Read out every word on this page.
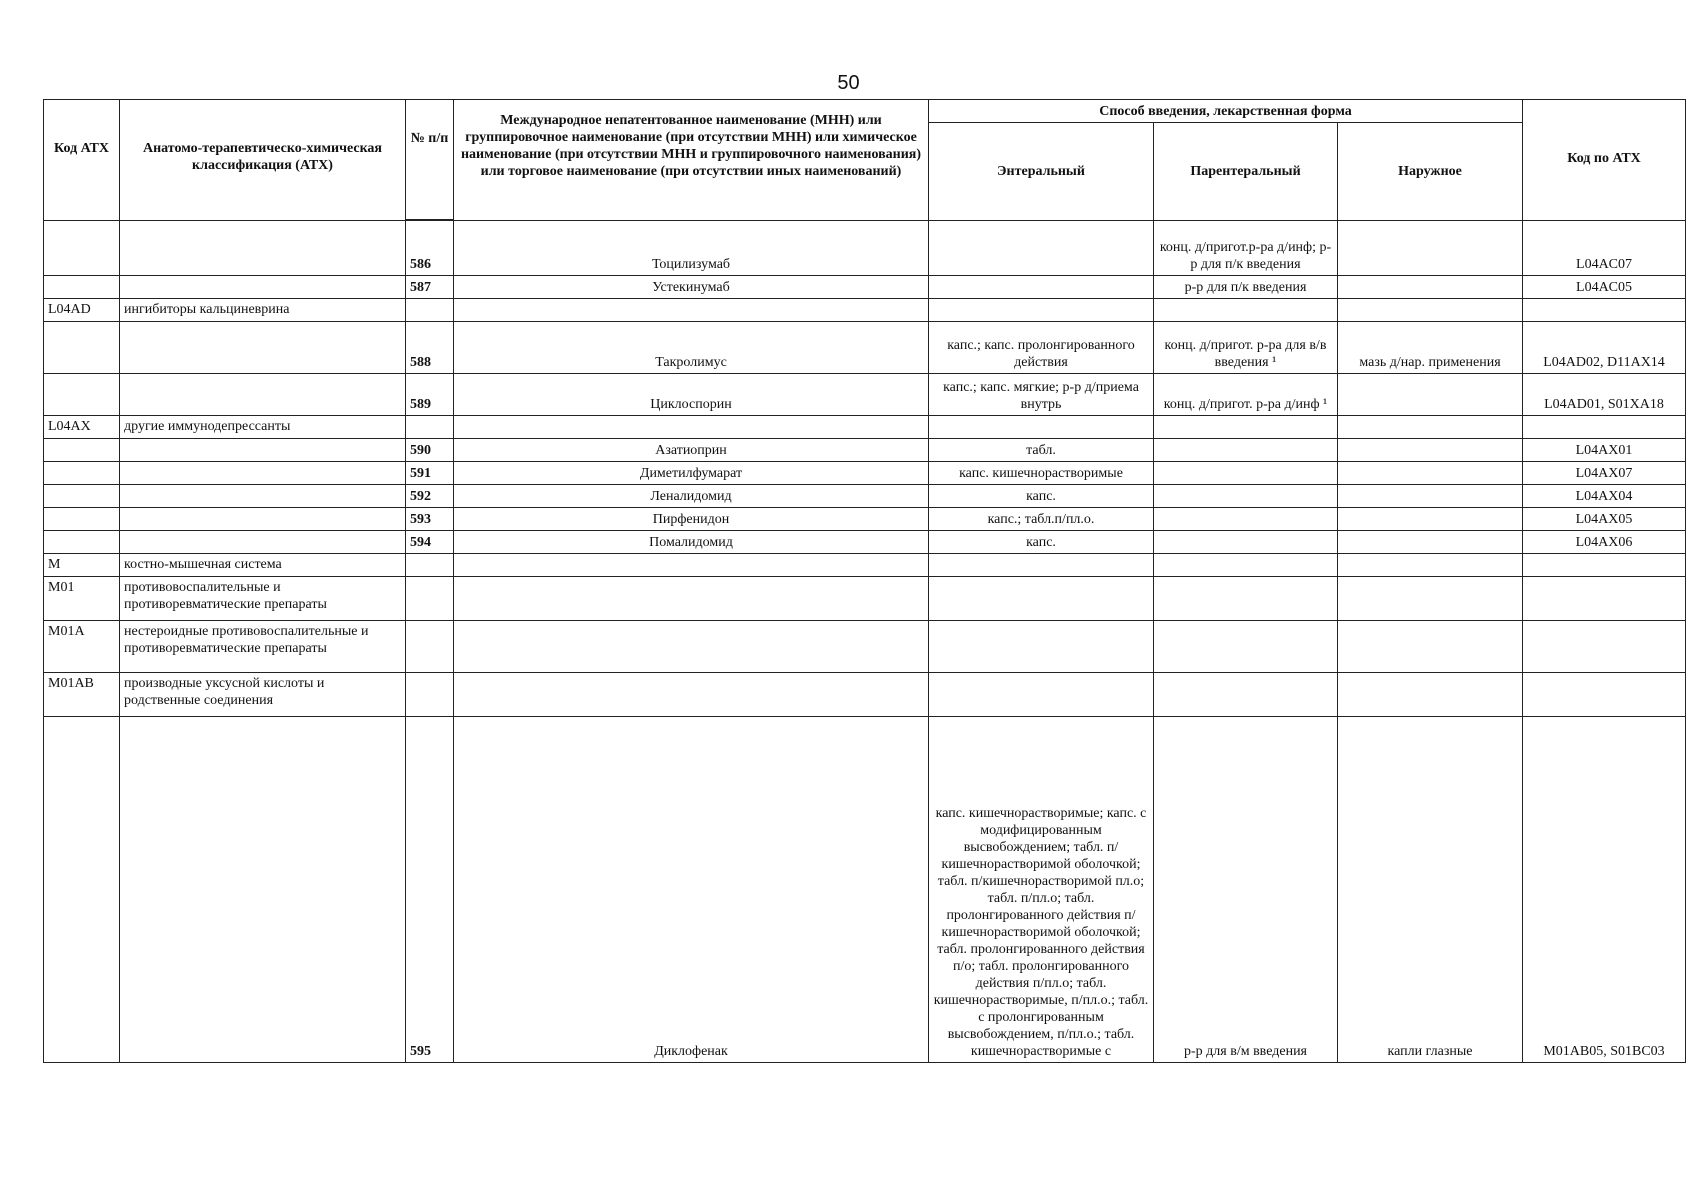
50
Код АТХ	Анатомо-терапевтическо-химическая классификация (АТХ)	№ п/п	Международное непатентованное наименование (МНН) или группировочное наименование (при отсутствии МНН) или химическое наименование (при отсутствии МНН и группировочного наименования) или торговое наименование (при отсутствии иных наименований)	Способ введения, лекарственная форма			Код по АТХ
				Энтеральный	Парентеральный	Наружное	

		586	Тоцилизумаб		конц. д/пригот.р-ра д/инф; р-р для п/к введения		L04AC07
		587	Устекинумаб		р-р для п/к введения		L04AC05
L04AD	ингибиторы кальциневрина						
		588	Такролимус	капс.; капс. пролонгированного действия	конц. д/пригот. р-ра для в/в введения ¹	мазь д/нар. применения	L04AD02, D11AX14
		589	Циклоспорин	капс.; капс. мягкие; р-р д/приема внутрь	конц. д/пригот. р-ра д/инф ¹		L04AD01, S01XA18
L04AX	другие иммунодепрессанты						
		590	Азатиоприн	табл.			L04AX01
		591	Диметилфумарат	капс. кишечнорастворимые			L04AX07
		592	Леналидомид	капс.			L04AX04
		593	Пирфенидон	капс.; табл.п/пл.о.			L04AX05
		594	Помалидомид	капс.			L04AX06
M	костно-мышечная система						
M01	противовоспалительные и противоревматические препараты						
M01A	нестероидные противовоспалительные и противоревматические препараты						
M01AB	производные уксусной кислоты и родственные соединения						
		595	Диклофенак	капс. кишечнорастворимые; капс. с модифицированным высвобождением; табл. п/кишечнорастворимой оболочкой; табл. п/кишечнорастворимой пл.о; табл. п/пл.о; табл. пролонгированного действия п/кишечнорастворимой оболочкой; табл. пролонгированного действия п/о; табл. пролонгированного действия п/пл.о; табл. кишечнорастворимые, п/пл.о.; табл. с пролонгированным высвобождением, п/пл.о.; табл. кишечнорастворимые с	р-р для в/м введения	капли глазные	M01AB05, S01BC03
